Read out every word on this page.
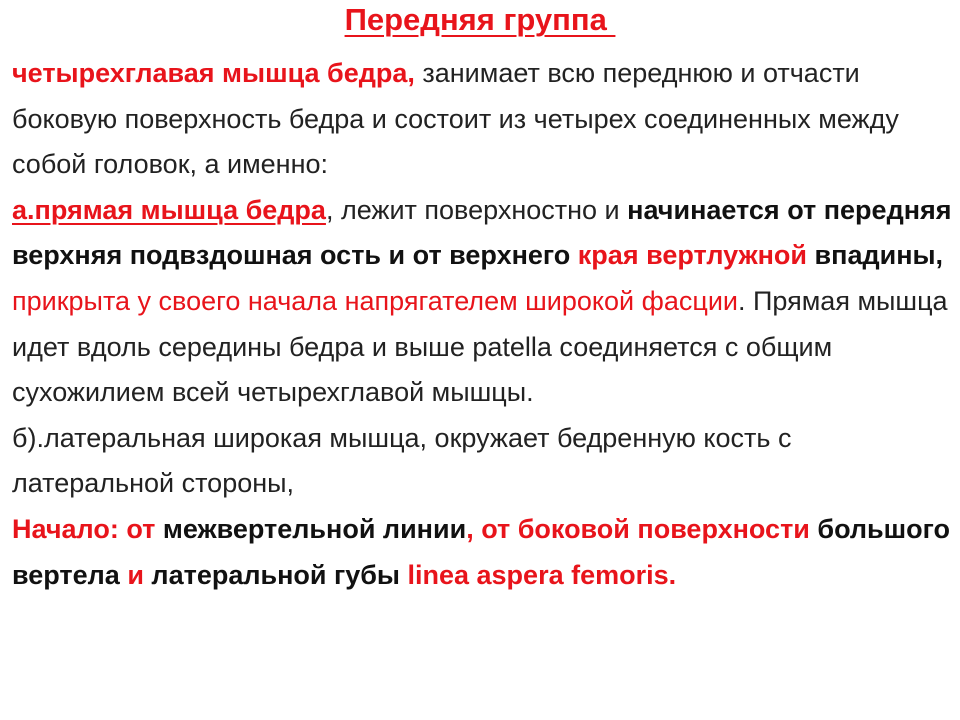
Передняя группа

четырехглавая мышца бедра, занимает всю переднюю и отчасти боковую поверхность бедра и состоит из четырех соединенных между собой головок, а именно:

а.прямая мышца бедра, лежит поверхностно и начинается от передняя верхняя подвздошная ость и от верхнего края вертлужной впадины, прикрыта у своего начала напрягателем широкой фасции. Прямая мышца идет вдоль середины бедра и выше patella соединяется с общим сухожилием всей четырехглавой мышцы.

б).латеральная широкая мышца, окружает бедренную кость с латеральной стороны,

Начало: от межвертельной линии, от боковой поверхности большого вертела и латеральной губы linea aspera femoris.
